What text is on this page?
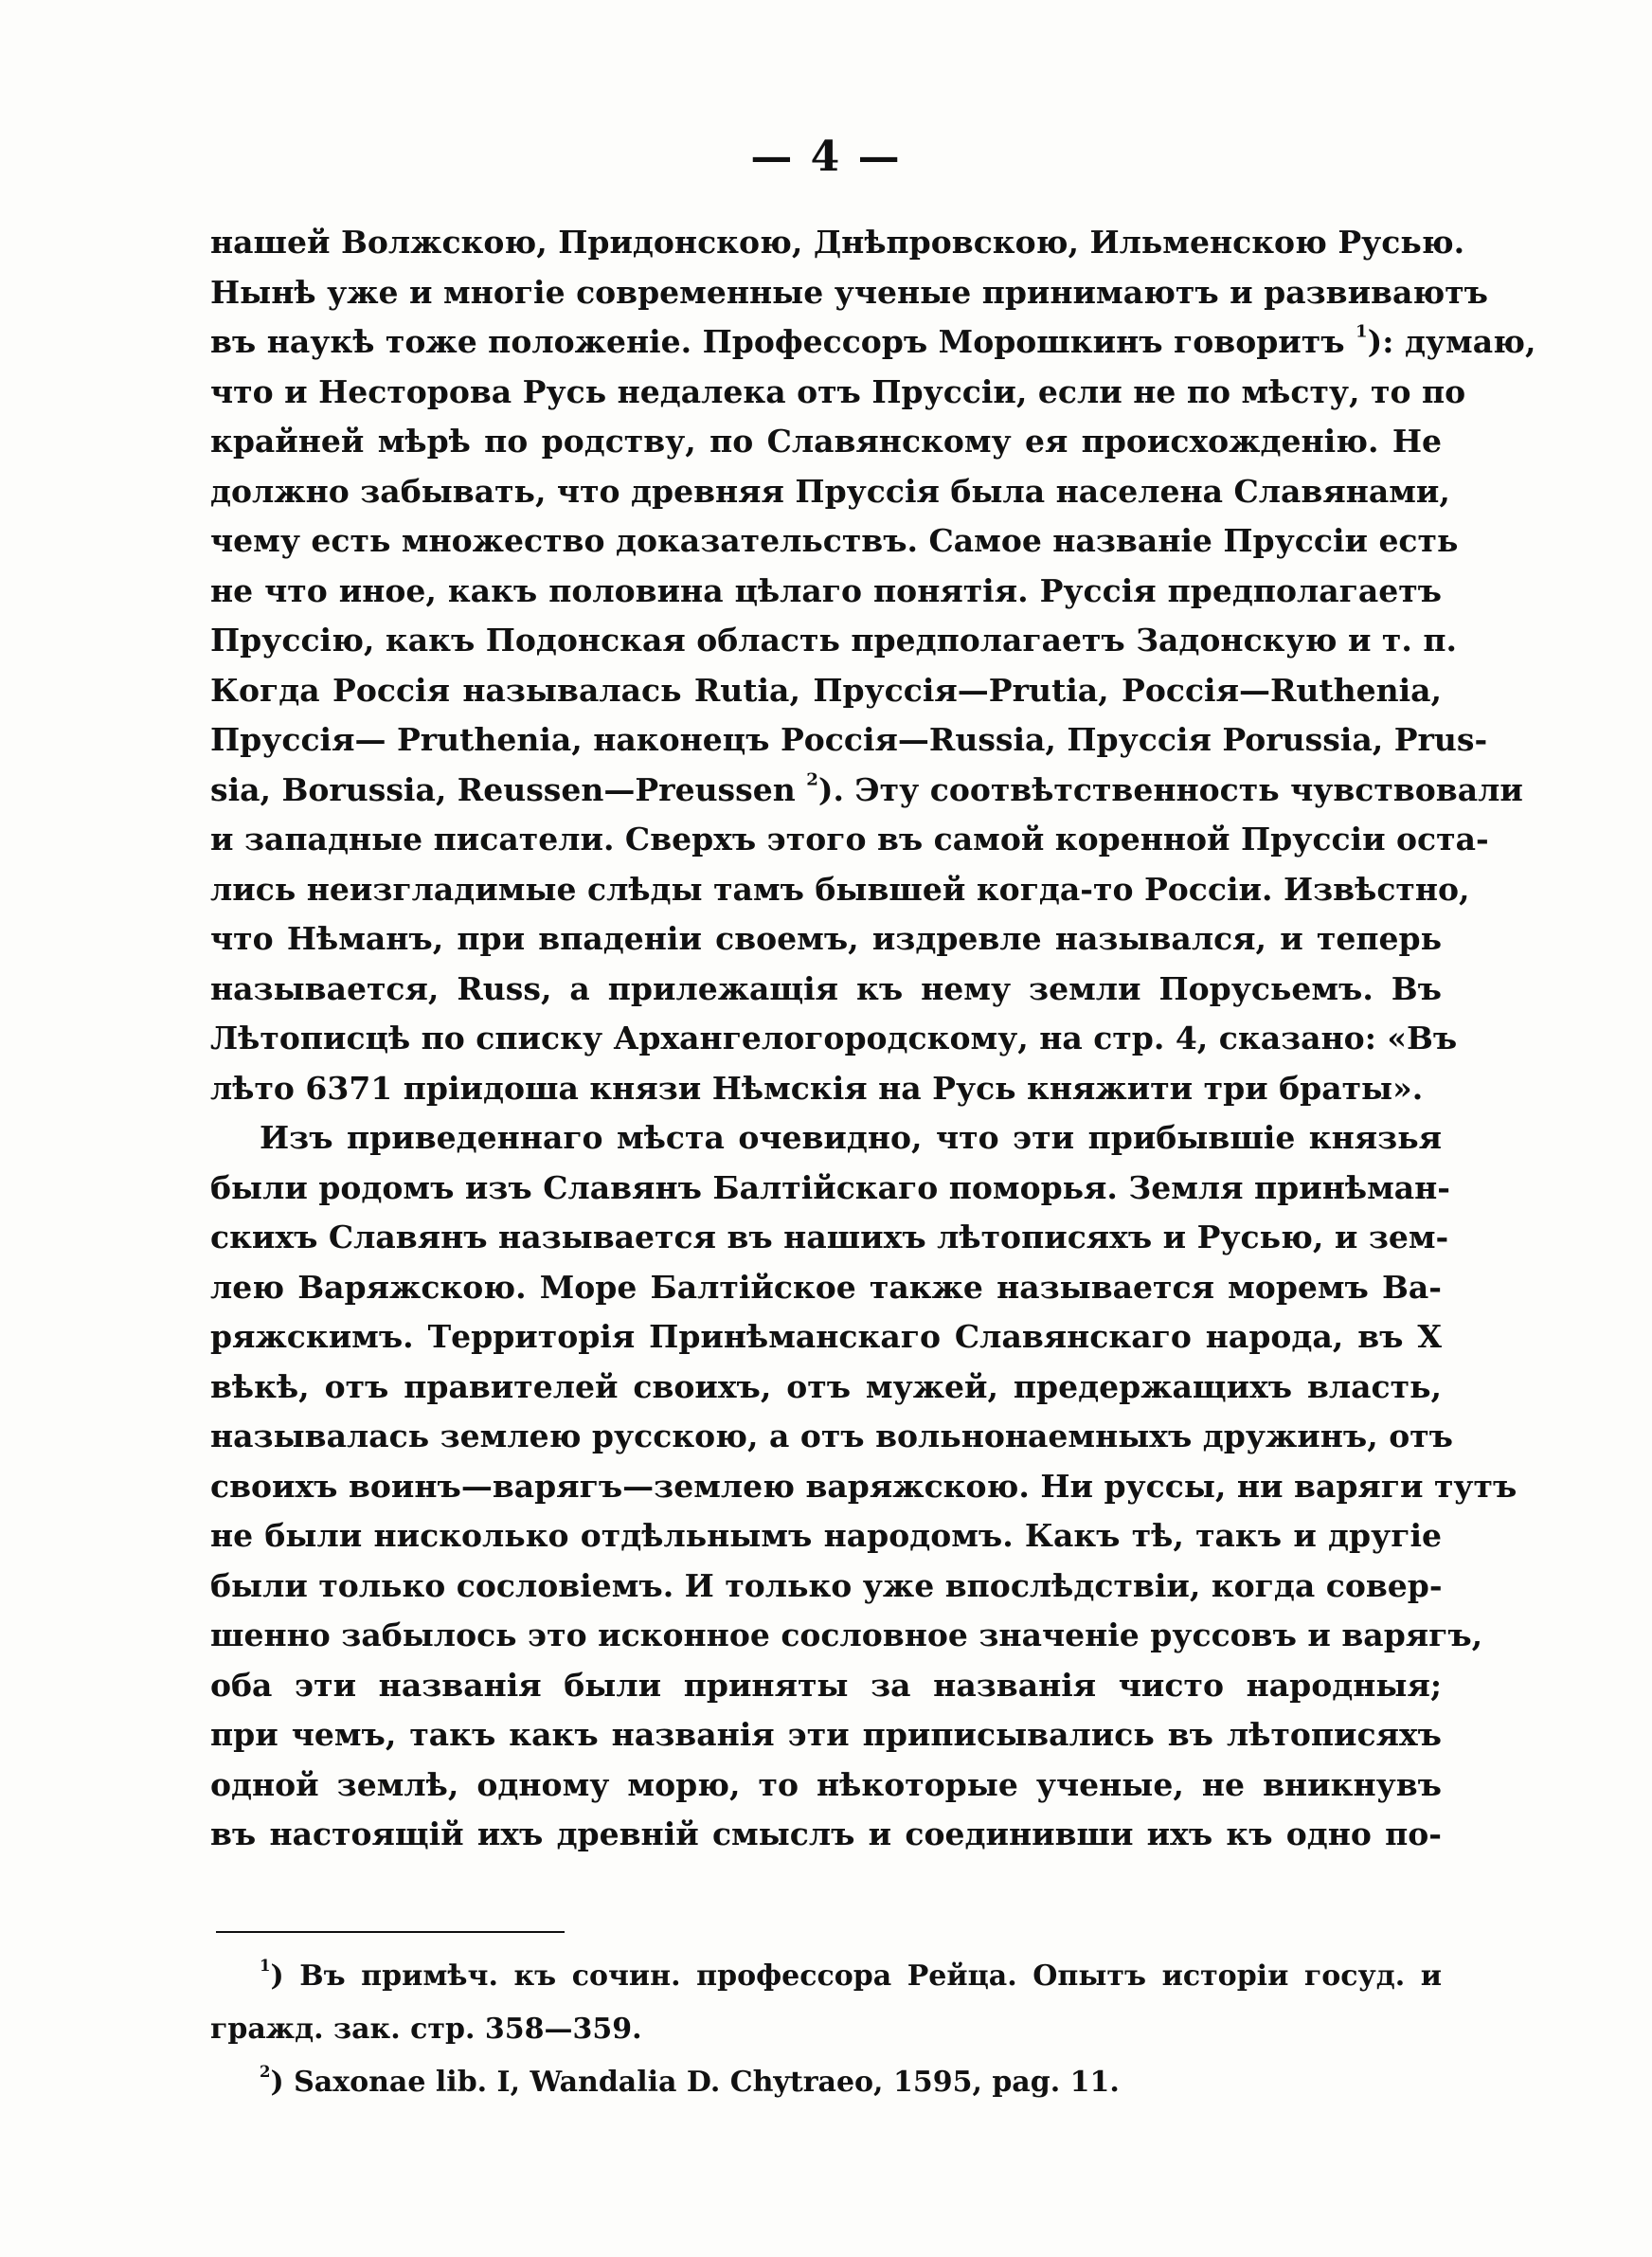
— 4 —
нашей Волжскою, Придонскою, Днѣпровскою, Ильменскою Русью.
Нынѣ уже и многіе современные ученые принимаютъ и развиваютъ
въ наукѣ тоже положеніе. Профессоръ Морошкинъ говоритъ $^1$): думаю,
что и Несторова Русь недалека отъ Пруссіи, если не по мѣсту, то по
крайней мѣрѣ по родству, по Славянскому ея происхожденію. Не
должно забывать, что древняя Пруссія была населена Славянами,
чему есть множество доказательствъ. Самое названіе Пруссіи есть
не что иное, какъ половина цѣлаго понятія. Руссія предполагаетъ
Пруссію, какъ Подонская область предполагаетъ Задонскую и т. п.
Когда Россія называлась Rutia, Пруссія—Prutia, Россія—Ruthenia,
Пруссія— Pruthenia, наконецъ Россія—Russia, Пруссія Porussia, Prus-
sia, Borussia, Reussen—Preussen $^2$). Эту соотвѣтственность чувствовали
и западные писатели. Сверхъ этого въ самой коренной Пруссіи оста-
лись неизгладимые слѣды тамъ бывшей когда-то Россіи. Извѣстно,
что Нѣманъ, при впаденіи своемъ, издревле назывался, и теперь
называется, Russ, а прилежащія къ нему земли Порусьемъ. Въ
Лѣтописцѣ по списку Архангелогородскому, на стр. 4, сказано: «Въ
лѣто 6371 пріидоша князи Нѣмскія на Русь княжити три браты».
Изъ приведеннаго мѣста очевидно, что эти прибывшіе князья
были родомъ изъ Славянъ Балтійскаго поморья. Земля принѣман-
скихъ Славянъ называется въ нашихъ лѣтописяхъ и Русью, и зем-
лею Варяжскою. Море Балтійское также называется моремъ Ва-
ряжскимъ. Территорія Принѣманскаго Славянскаго народа, въ X
вѣкѣ, отъ правителей своихъ, отъ мужей, предержащихъ власть,
называлась землею русскою, а отъ вольнонаемныхъ дружинъ, отъ
своихъ воинъ—варягъ—землею варяжскою. Ни руссы, ни варяги тутъ
не были нисколько отдѣльнымъ народомъ. Какъ тѣ, такъ и другіе
были только сословіемъ. И только уже впослѣдствіи, когда совер-
шенно забылось это исконное сословное значеніе руссовъ и варягъ,
оба эти названія были приняты за названія чисто народныя;
при чемъ, такъ какъ названія эти приписывались въ лѣтописяхъ
одной землѣ, одному морю, то нѣкоторые ученые, не вникнувъ
въ настоящій ихъ древній смыслъ и соединивши ихъ къ одно по-
$^1$) Въ примѣч. къ сочин. профессора Рейца. Опытъ исторіи госуд. и
гражд. зак. стр. 358—359.
$^2$) Saxonae lib. I, Wandalia D. Chytraeo, 1595, pag. 11.
